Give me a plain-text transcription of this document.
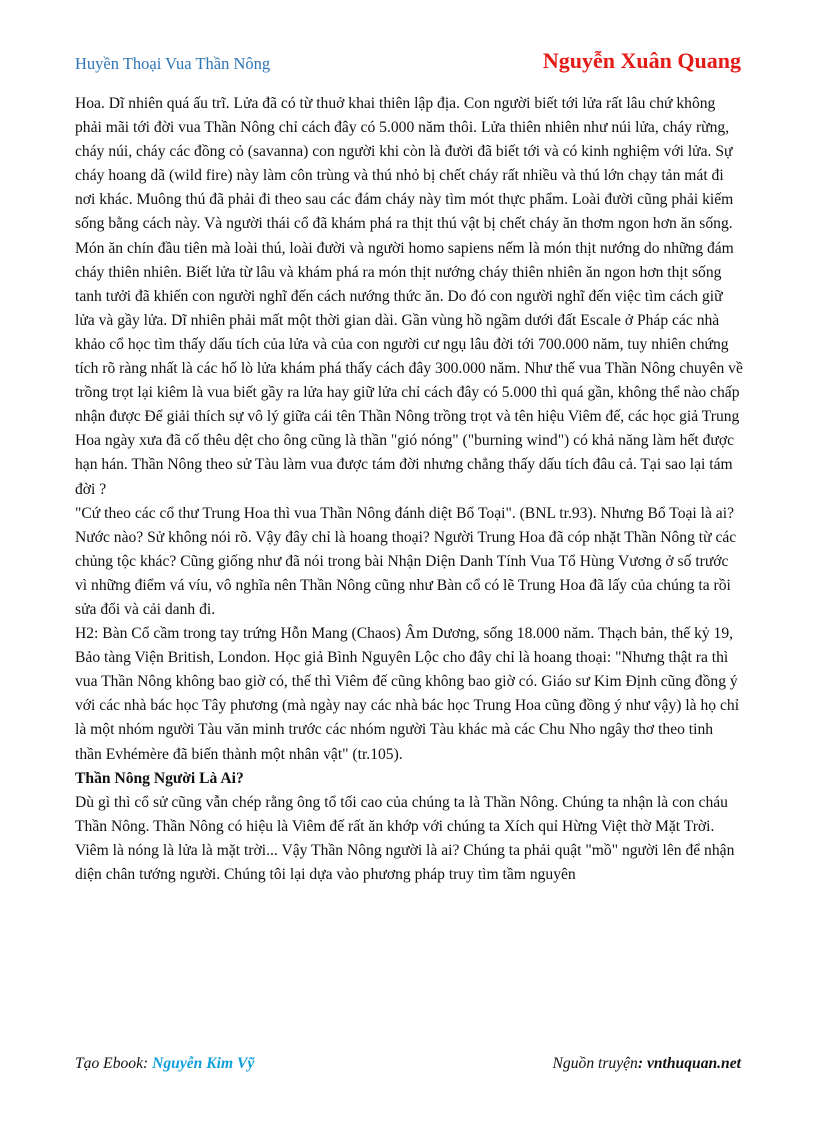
Huyền Thoại Vua Thần Nông	Nguyễn Xuân Quang

Hoa. Dĩ nhiên quá ấu trĩ. Lửa đã có từ thuở khai thiên lập địa. Con người biết tới lửa rất lâu chứ không phải mãi tới đời vua Thần Nông chỉ cách đây có 5.000 năm thôi. Lửa thiên nhiên như núi lửa, cháy rừng, cháy núi, cháy các đồng cỏ (savanna) con người khi còn là đười đã biết tới và có kinh nghiệm với lửa. Sự cháy hoang dã (wild fire) này làm côn trùng và thú nhỏ bị chết cháy rất nhiều và thú lớn chạy tản mát đi nơi khác. Muông thú đã phải đi theo sau các đám cháy này tìm mót thực phẩm. Loài đười cũng phải kiếm sống bằng cách này. Và người thái cổ đã khám phá ra thịt thú vật bị chết cháy ăn thơm ngon hơn ăn sống. Món ăn chín đầu tiên mà loài thú, loài đười và người homo sapiens nếm là món thịt nướng do những đám cháy thiên nhiên. Biết lửa từ lâu và khám phá ra món thịt nướng cháy thiên nhiên ăn ngon hơn thịt sống tanh tưởi đã khiến con người nghĩ đến cách nướng thức ăn. Do đó con người nghĩ đến việc tìm cách giữ lửa và gầy lửa. Dĩ nhiên phải mất một thời gian dài. Gần vùng hồ ngầm dưới đất Escale ở Pháp các nhà khảo cổ học tìm thấy dấu tích của lửa và của con người cư ngụ lâu đời tới 700.000 năm, tuy nhiên chứng tích rõ ràng nhất là các hố lò lửa khám phá thấy cách đây 300.000 năm. Như thế vua Thần Nông chuyên về trồng trọt lại kiêm là vua biết gầy ra lửa hay giữ lửa chỉ cách đây có 5.000 thì quá gần, không thể nào chấp nhận được Để giải thích sự vô lý giữa cái tên Thần Nông trồng trọt và tên hiệu Viêm đế, các học giả Trung Hoa ngày xưa đã cố thêu dệt cho ông cũng là thần "gió nóng" ("burning wind") có khả năng làm hết được hạn hán. Thần Nông theo sử Tàu làm vua được tám đời nhưng chẳng thấy dấu tích đâu cả. Tại sao lại tám đời ?

"Cứ theo các cổ thư Trung Hoa thì vua Thần Nông đánh diệt Bổ Toại". (BNL tr.93). Nhưng Bổ Toại là ai? Nước nào? Sử không nói rõ. Vậy đây chỉ là hoang thoại? Người Trung Hoa đã cóp nhặt Thần Nông từ các chủng tộc khác? Cũng giống như đã nói trong bài Nhận Diện Danh Tính Vua Tổ Hùng Vương ở số trước vì những điểm vá víu, vô nghĩa nên Thần Nông cũng như Bàn cổ có lẽ Trung Hoa đã lấy của chúng ta rồi sửa đổi và cải danh đi.

H2: Bàn Cổ cầm trong tay trứng Hỗn Mang (Chaos) Âm Dương, sống 18.000 năm. Thạch bản, thế kỷ 19, Bảo tàng Viện British, London. Học giả Bình Nguyên Lộc cho đây chỉ là hoang thoại: "Nhưng thật ra thì vua Thần Nông không bao giờ có, thế thì Viêm đế cũng không bao giờ có. Giáo sư Kim Định cũng đồng ý với các nhà bác học Tây phương (mà ngày nay các nhà bác học Trung Hoa cũng đồng ý như vậy) là họ chỉ là một nhóm người Tàu văn minh trước các nhóm người Tàu khác mà các Chu Nho ngây thơ theo tinh thần Evhémère đã biến thành một nhân vật" (tr.105).

Thần Nông Người Là Ai?

Dù gì thì cổ sử cũng vẫn chép rằng ông tổ tối cao của chúng ta là Thần Nông. Chúng ta nhận là con cháu Thần Nông. Thần Nông có hiệu là Viêm đế rất ăn khớp với chúng ta Xích quỉ Hừng Việt thờ Mặt Trời. Viêm là nóng là lửa là mặt trời... Vậy Thần Nông người là ai? Chúng ta phải quật "mồ" người lên để nhận diện chân tướng người. Chúng tôi lại dựa vào phương pháp truy tìm tầm nguyên

Tạo Ebook: Nguyễn Kim Vỹ	Nguồn truyện: vnthuquan.net
